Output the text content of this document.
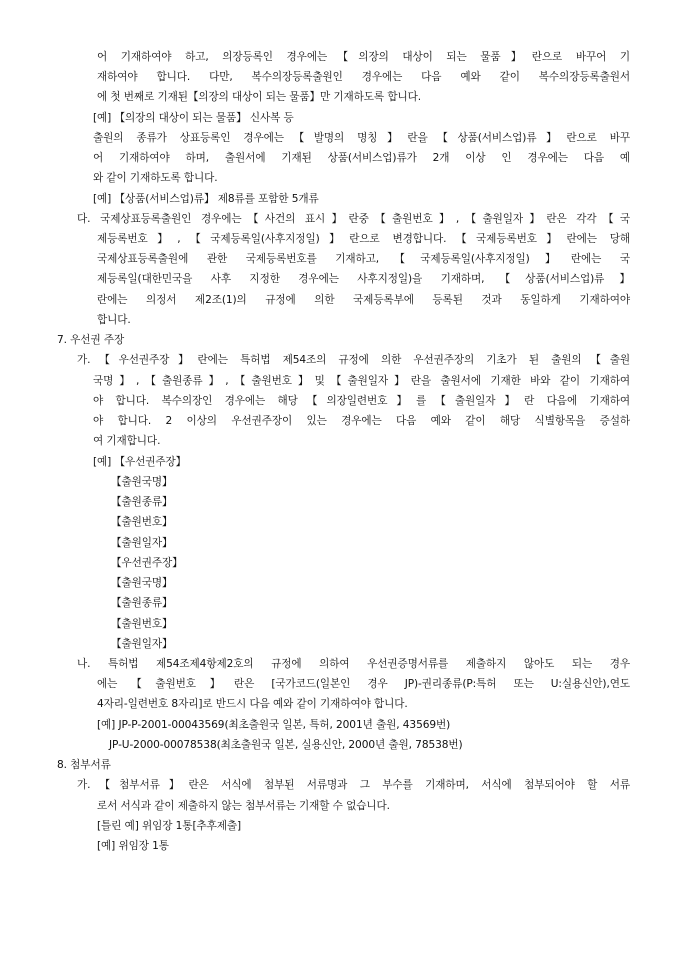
어 기재하여야 하고, 의장등록인 경우에는【의장의 대상이 되는 물품】란으로 바꾸어 기
재하여야 합니다. 다만, 복수의장등록출원인 경우에는 다음 예와 같이 복수의장등록출원서
에 첫 번째로 기재된【의장의 대상이 되는 물품】만 기재하도록 합니다.
[예] 【의장의 대상이 되는 물품】 신사복 등
출원의 종류가 상표등록인 경우에는【발명의 명칭】란을【상품(서비스업)류】란으로 바꾸
어 기재하여야 하며, 출원서에 기재된 상품(서비스업)류가 2개 이상 인 경우에는 다음 예
와 같이 기재하도록 합니다.
[예] 【상품(서비스업)류】 제8류를 포함한 5개류
다. 국제상표등록출원인 경우에는【사건의 표시】란중【출원번호】,【출원일자】란은 각각【국
제등록번호】,【국제등록일(사후지정일)】란으로 변경합니다.【국제등록번호】란에는 당해
국제상표등록출원에 관한 국제등록번호를 기재하고,【국제등록일(사후지정일)】란에는 국
제등록일(대한민국을 사후 지정한 경우에는 사후지정일)을 기재하며,【상품(서비스업)류】
란에는 의정서 제2조(1)의 규정에 의한 국제등록부에 등록된 것과 동일하게 기재하여야
합니다.
7. 우선권 주장
가.【우선권주장】란에는 특허법 제54조의 규정에 의한 우선권주장의 기초가 된 출원의【출원
국명】,【출원종류】,【출원번호】및【출원일자】란을 출원서에 기재한 바와 같이 기재하여
야 합니다. 복수의장인 경우에는 해당【의장일련번호】를【출원일자】란 다음에 기재하여
야 합니다. 2 이상의 우선권주장이 있는 경우에는 다음 예와 같이 해당 식별항목을 증설하
여 기재합니다.
[예] 【우선권주장】
【출원국명】
【출원종류】
【출원번호】
【출원일자】
【우선권주장】
【출원국명】
【출원종류】
【출원번호】
【출원일자】
나. 특허법 제54조제4항제2호의 규정에 의하여 우선권증명서류를 제출하지 않아도 되는 경우
에는【출원번호】란은 [국가코드(일본인 경우 JP)-권리종류(P:특허 또는 U:실용신안),연도
4자리-일련번호 8자리]로 반드시 다음 예와 같이 기재하여야 합니다.
[예] JP-P-2001-00043569(최초출원국 일본, 특허, 2001년 출원, 43569번)
JP-U-2000-00078538(최초출원국 일본, 실용신안, 2000년 출원, 78538번)
8. 첨부서류
가.【첨부서류】란은 서식에 첨부된 서류명과 그 부수를 기재하며, 서식에 첨부되어야 할 서류
로서 서식과 같이 제출하지 않는 첨부서류는 기재할 수 없습니다.
[틀린 예] 위임장 1통[추후제출]
[예] 위임장 1통
